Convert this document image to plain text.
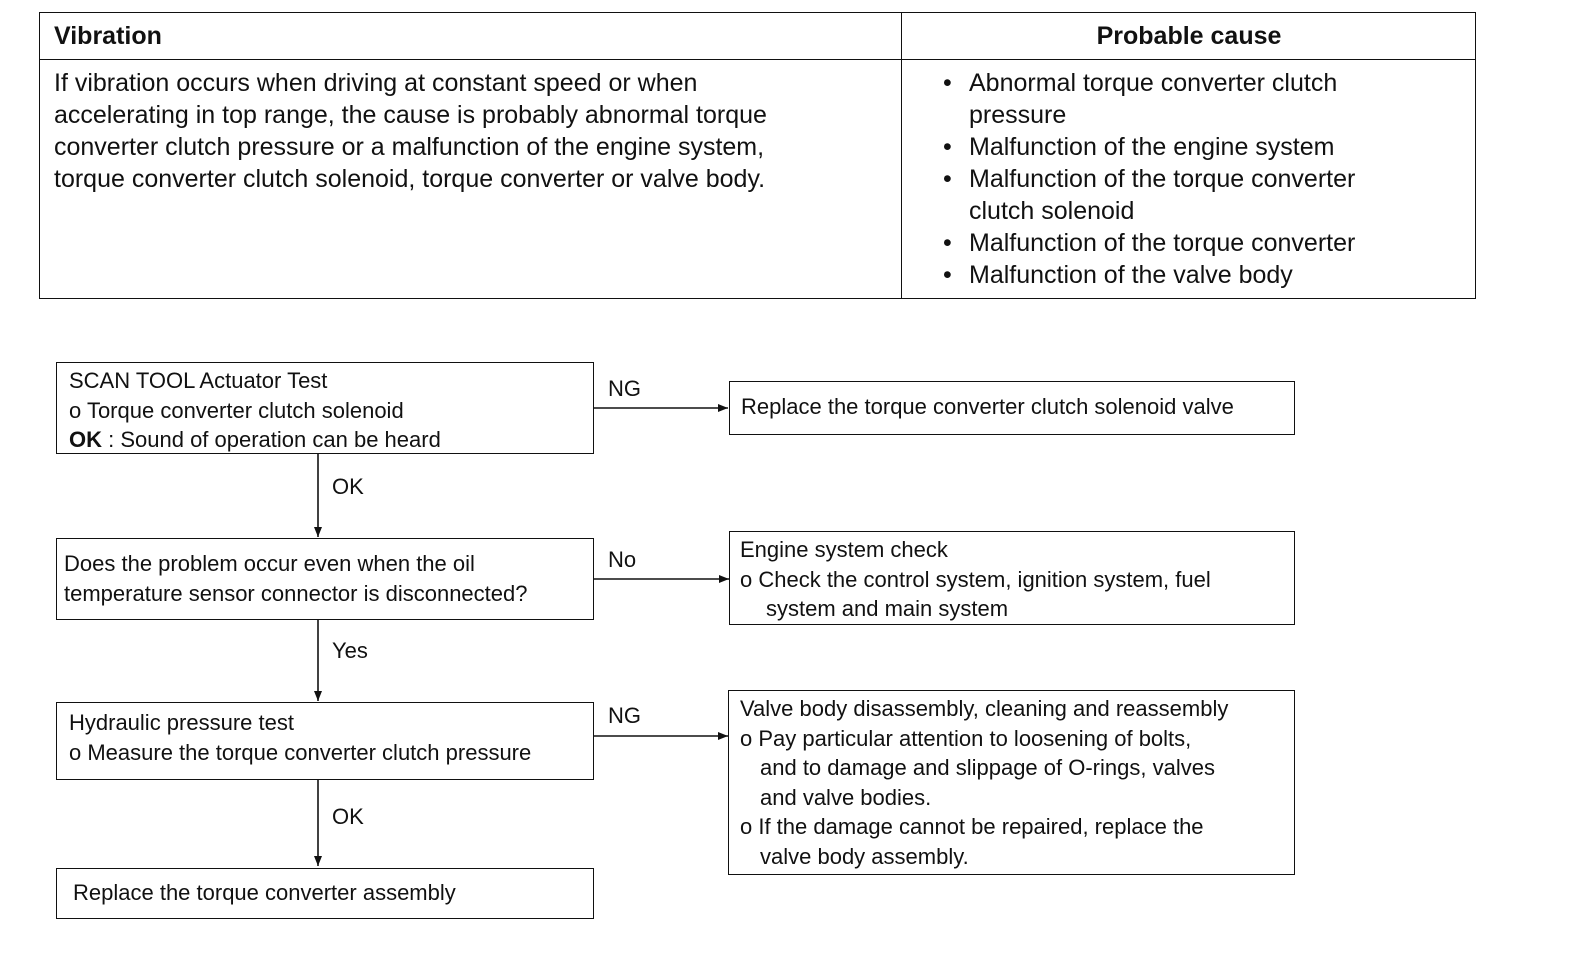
Vibration	Probable cause
If vibration occurs when driving at constant speed or when
accelerating in top range, the cause is probably abnormal torque
converter clutch pressure or a malfunction of the engine system,
torque converter clutch solenoid, torque converter or valve body.
• Abnormal torque converter clutch
pressure
• Malfunction of the engine system
• Malfunction of the torque converter
clutch solenoid
• Malfunction of the torque converter
• Malfunction of the valve body
SCAN TOOL Actuator Test
o Torque converter clutch solenoid
OK : Sound of operation can be heard
Replace the torque converter clutch solenoid valve
Does the problem occur even when the oil
temperature sensor connector is disconnected?
Engine system check
o Check the control system, ignition system, fuel
system and main system
Hydraulic pressure test
o Measure the torque converter clutch pressure
Valve body disassembly, cleaning and reassembly
o Pay particular attention to loosening of bolts,
and to damage and slippage of O-rings, valves
and valve bodies.
o If the damage cannot be repaired, replace the
valve body assembly.
Replace the torque converter assembly
NG
OK
No
Yes
NG
OK
